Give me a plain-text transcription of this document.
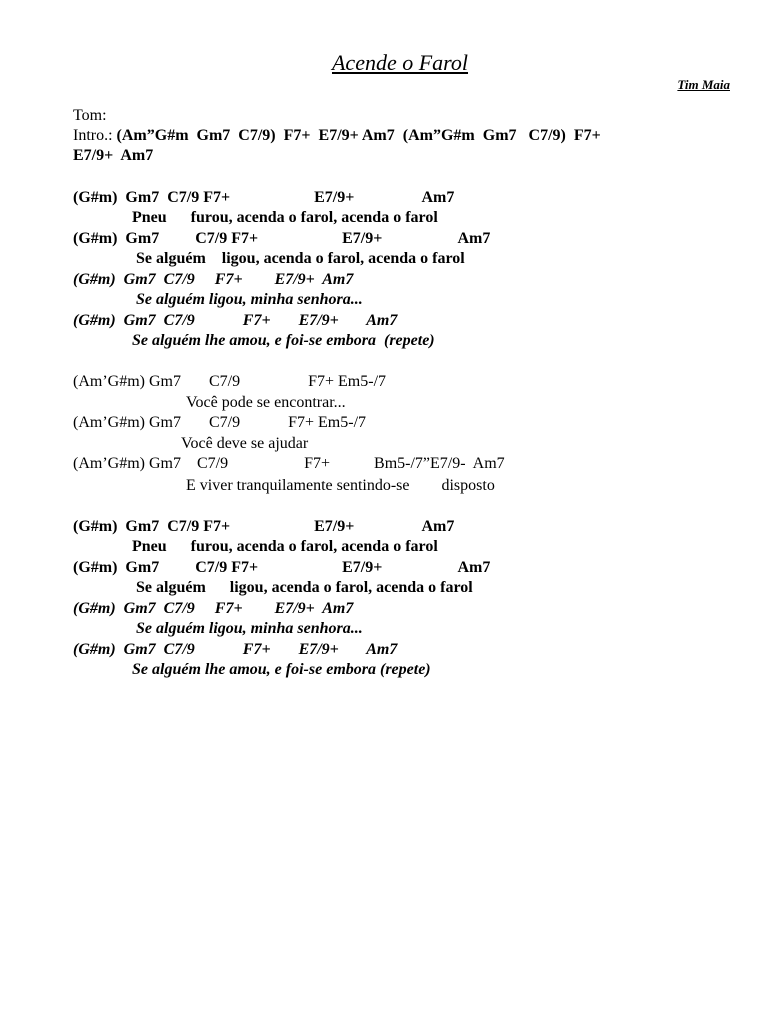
Acende o Farol
Tim Maia
Tom:
Intro.: (Am”G#m  Gm7  C7/9)  F7+  E7/9+ Am7  (Am”G#m  Gm7   C7/9)  F7+
E7/9+  Am7
(G#m)  Gm7  C7/9 F7+                     E7/9+                 Am7
Pneu      furou, acenda o farol, acenda o farol
(G#m)  Gm7         C7/9 F7+                     E7/9+                   Am7
Se alguém    ligou, acenda o farol, acenda o farol
(G#m)  Gm7  C7/9     F7+        E7/9+  Am7
Se alguém ligou, minha senhora...
(G#m)  Gm7  C7/9            F7+       E7/9+       Am7
Se alguém lhe amou, e foi-se embora  (repete)
(Am’G#m) Gm7       C7/9                 F7+ Em5-/7
Você pode se encontrar...
(Am’G#m) Gm7       C7/9            F7+ Em5-/7
Você deve se ajudar
(Am’G#m) Gm7    C7/9                   F7+           Bm5-/7”E7/9-  Am7
E viver tranquilamente sentindo-se        disposto
(G#m)  Gm7  C7/9 F7+                     E7/9+                 Am7
Pneu      furou, acenda o farol, acenda o farol
(G#m)  Gm7         C7/9 F7+                     E7/9+                   Am7
Se alguém      ligou, acenda o farol, acenda o farol
(G#m)  Gm7  C7/9     F7+        E7/9+  Am7
Se alguém ligou, minha senhora...
(G#m)  Gm7  C7/9            F7+       E7/9+       Am7
Se alguém lhe amou, e foi-se embora (repete)
